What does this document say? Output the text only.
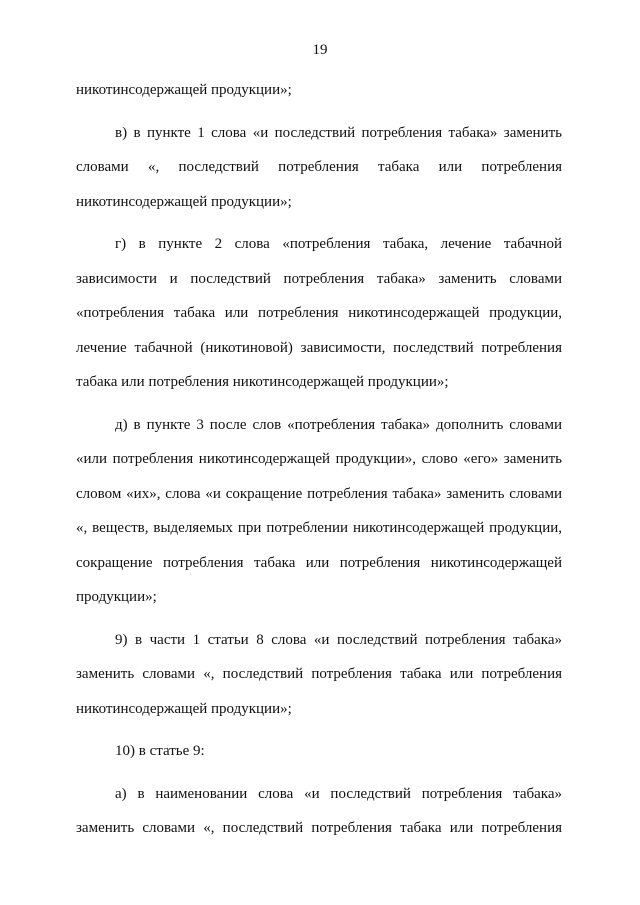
19

никотинсодержащей продукции»;

в) в пункте 1 слова «и последствий потребления табака» заменить словами «, последствий потребления табака или потребления никотинсодержащей продукции»;

г) в пункте 2 слова «потребления табака, лечение табачной зависимости и последствий потребления табака» заменить словами «потребления табака или потребления никотинсодержащей продукции, лечение табачной (никотиновой) зависимости, последствий потребления табака или потребления никотинсодержащей продукции»;

д) в пункте 3 после слов «потребления табака» дополнить словами «или потребления никотинсодержащей продукции», слово «его» заменить словом «их», слова «и сокращение потребления табака» заменить словами «, веществ, выделяемых при потреблении никотинсодержащей продукции, сокращение потребления табака или потребления никотинсодержащей продукции»;

9) в части 1 статьи 8 слова «и последствий потребления табака» заменить словами «, последствий потребления табака или потребления никотинсодержащей продукции»;

10) в статье 9:

а) в наименовании слова «и последствий потребления табака» заменить словами «, последствий потребления табака или потребления
